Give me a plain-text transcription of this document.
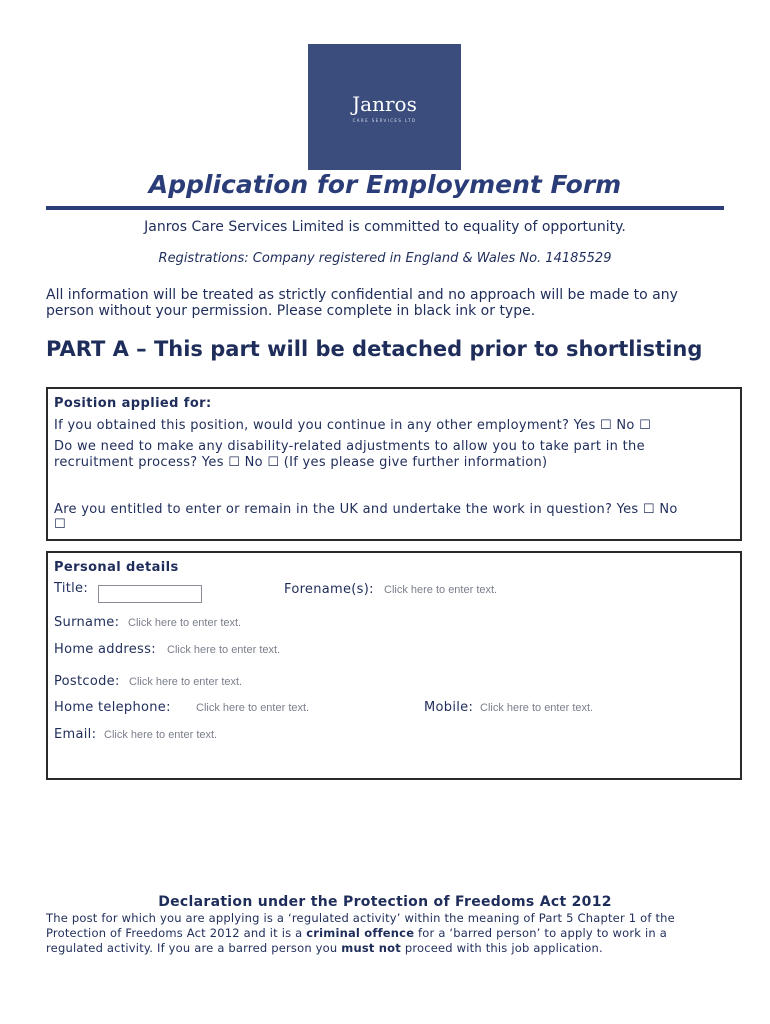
Janros
CARE SERVICES LTD
Application for Employment Form
Janros Care Services Limited is committed to equality of opportunity.
Registrations: Company registered in England & Wales No. 14185529
All information will be treated as strictly confidential and no approach will be made to any person without your permission. Please complete in black ink or type.
PART A – This part will be detached prior to shortlisting
Position applied for:
If you obtained this position, would you continue in any other employment? Yes ☐ No ☐
Do we need to make any disability-related adjustments to allow you to take part in the
recruitment process? Yes ☐ No ☐ (If yes please give further information)
Are you entitled to enter or remain in the UK and undertake the work in question? Yes ☐ No
☐
Personal details
Title:	Forename(s): Click here to enter text.
Surname: Click here to enter text.
Home address: Click here to enter text.
Postcode: Click here to enter text.
Home telephone: Click here to enter text.	Mobile: Click here to enter text.
Email: Click here to enter text.
Declaration under the Protection of Freedoms Act 2012
The post for which you are applying is a ‘regulated activity’ within the meaning of Part 5 Chapter 1 of the Protection of Freedoms Act 2012 and it is a criminal offence for a ‘barred person’ to apply to work in a regulated activity. If you are a barred person you must not proceed with this job application.
